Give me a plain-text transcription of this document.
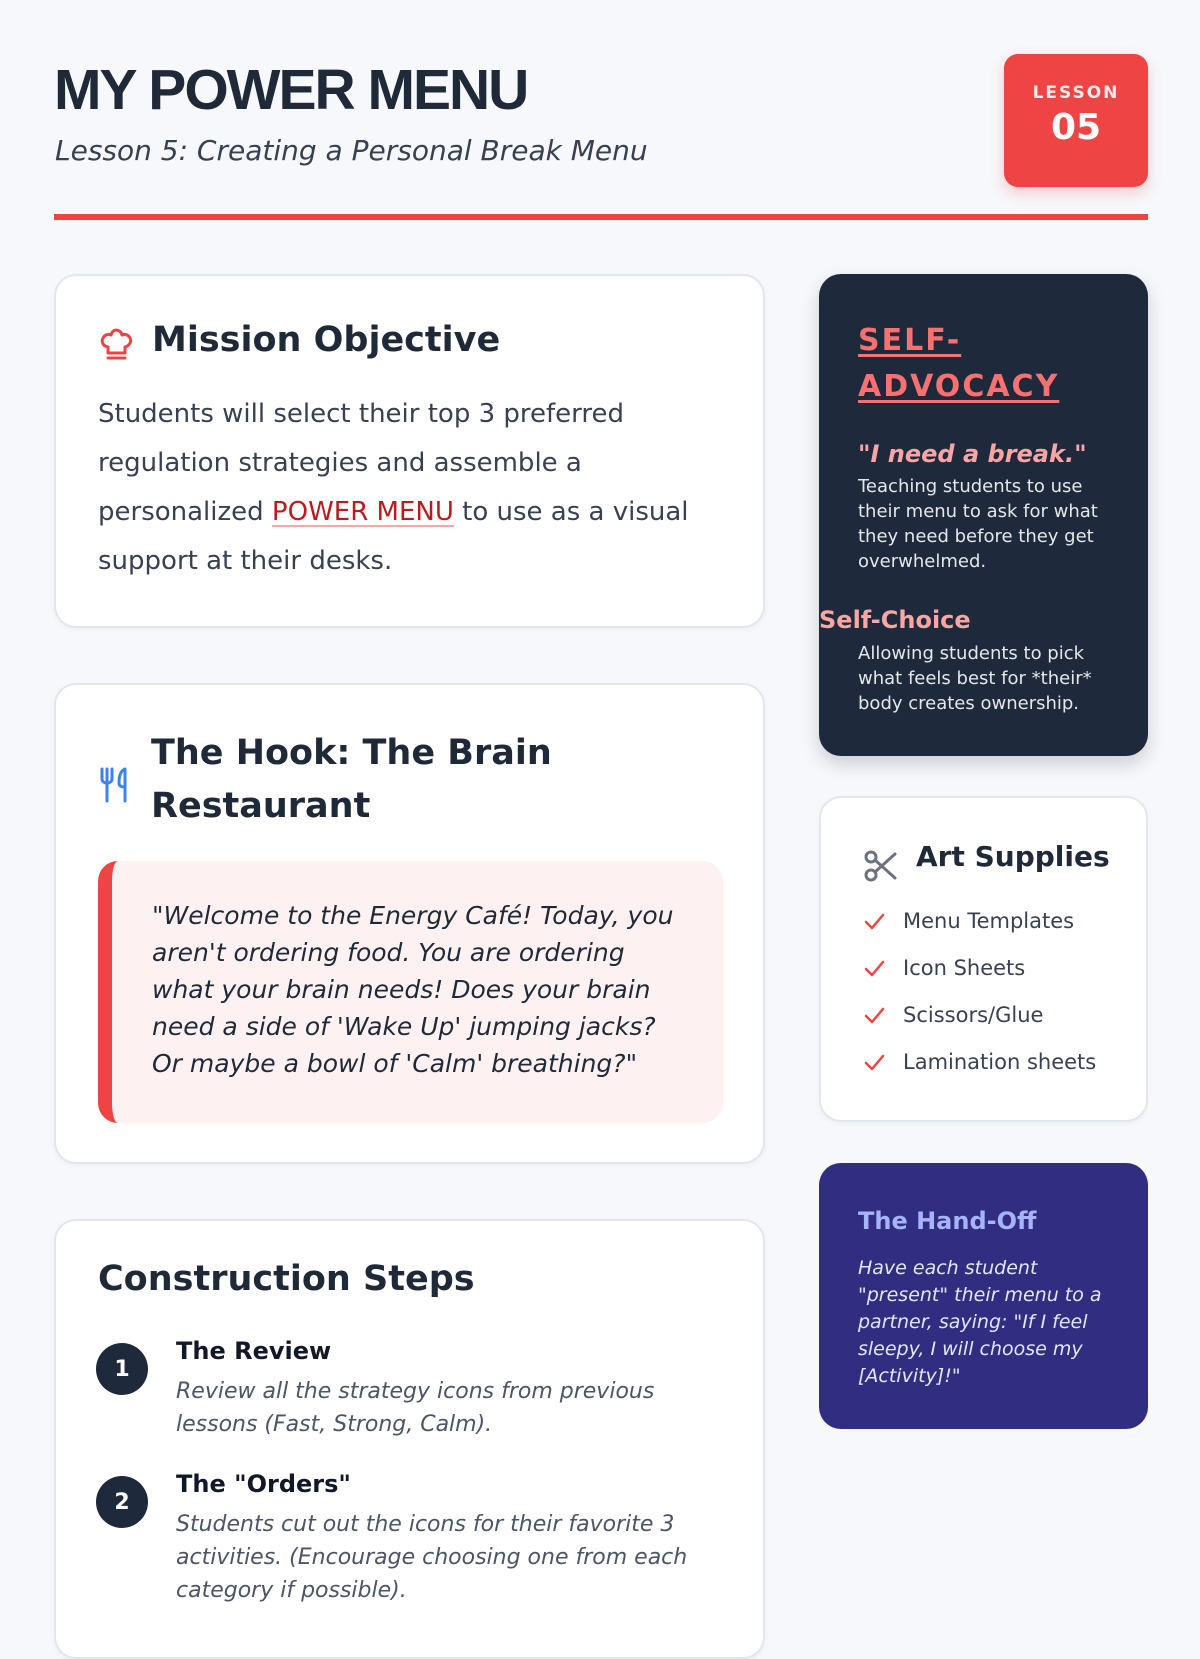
MY POWER MENU

Lesson 5: Creating a Personal Break Menu

LESSON
05
Mission Objective

Students will select their top 3 preferred regulation strategies and assemble a personalized POWER MENU to use as a visual support at their desks.

The Hook: The Brain Restaurant
"Welcome to the Energy Café! Today, you aren't ordering food. You are ordering what your brain needs! Does your brain need a side of 'Wake Up' jumping jacks? Or maybe a bowl of 'Calm' breathing?"
Construction Steps
1
The Review
Review all the strategy icons from previous lessons (Fast, Strong, Calm).
2
The "Orders"
Students cut out the icons for their favorite 3 activities. (Encourage choosing one from each category if possible).
SELF-ADVOCACY
"I need a break."
Teaching students to use their menu to ask for what they need before they get overwhelmed.
Self-Choice
Allowing students to pick what feels best for *their* body creates ownership.
Art Supplies
Menu Templates
Icon Sheets
Scissors/Glue
Lamination sheets
The Hand-Off
Have each student "present" their menu to a partner, saying: "If I feel sleepy, I will choose my [Activity]!"
